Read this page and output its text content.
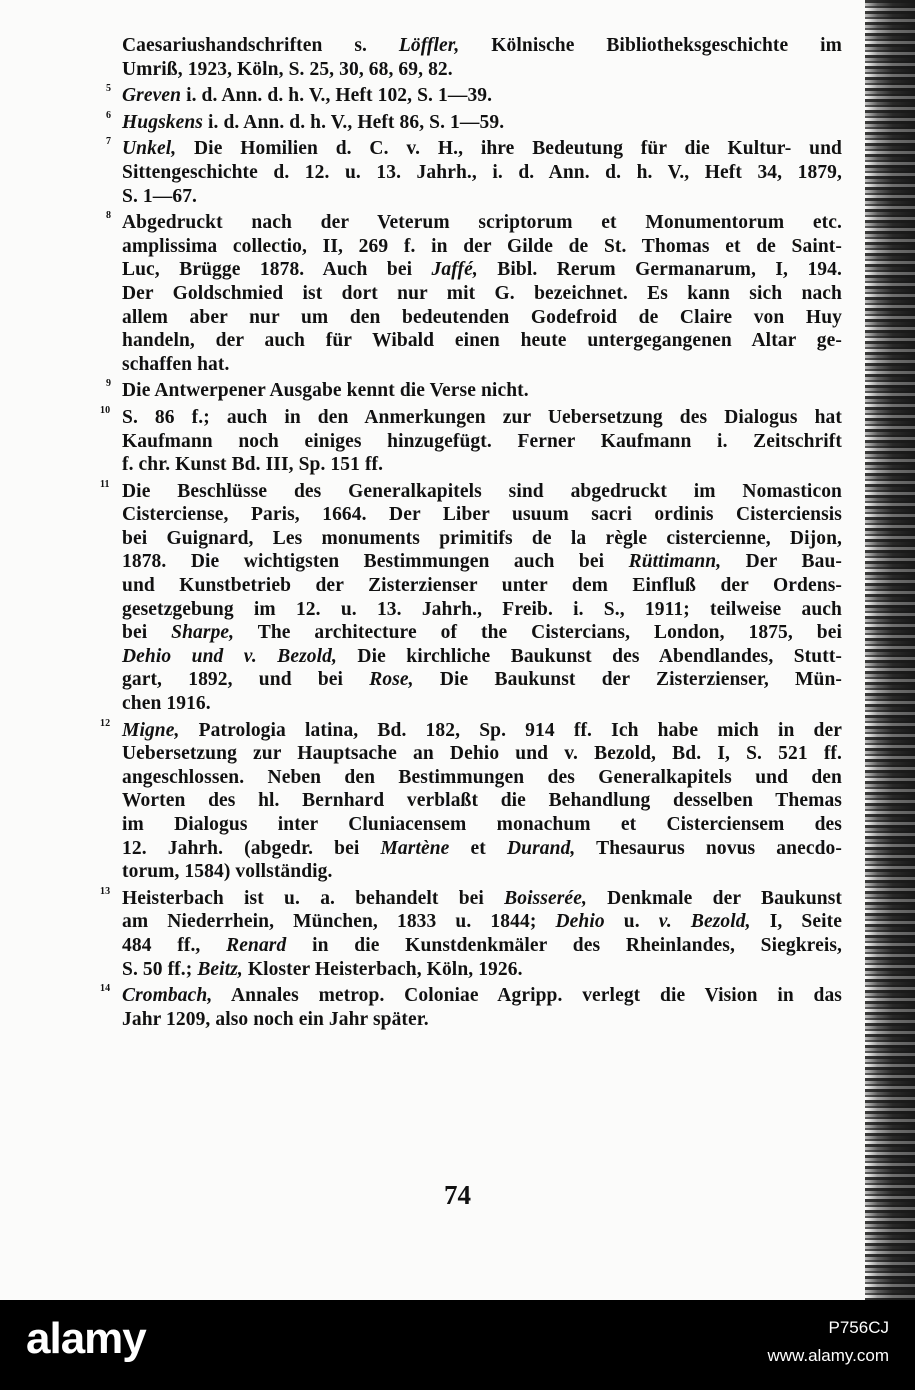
Caesariushandschriften s. Löffler, Kölnische Bibliotheksgeschichte im
Umriß, 1923, Köln, S. 25, 30, 68, 69, 82.
5 Greven i. d. Ann. d. h. V., Heft 102, S. 1—39.
6 Hugskens i. d. Ann. d. h. V., Heft 86, S. 1—59.
7 Unkel, Die Homilien d. C. v. H., ihre Bedeutung für die Kultur- und
Sittengeschichte d. 12. u. 13. Jahrh., i. d. Ann. d. h. V., Heft 34, 1879,
S. 1—67.
8 Abgedruckt nach der Veterum scriptorum et Monumentorum etc.
amplissima collectio, II, 269 f. in der Gilde de St. Thomas et de Saint-
Luc, Brügge 1878. Auch bei Jaffé, Bibl. Rerum Germanarum, I, 194.
Der Goldschmied ist dort nur mit G. bezeichnet. Es kann sich nach
allem aber nur um den bedeutenden Godefroid de Claire von Huy
handeln, der auch für Wibald einen heute untergegangenen Altar ge-
schaffen hat.
9 Die Antwerpener Ausgabe kennt die Verse nicht.
10 S. 86 f.; auch in den Anmerkungen zur Uebersetzung des Dialogus hat
Kaufmann noch einiges hinzugefügt. Ferner Kaufmann i. Zeitschrift
f. chr. Kunst Bd. III, Sp. 151 ff.
11 Die Beschlüsse des Generalkapitels sind abgedruckt im Nomasticon
Cisterciense, Paris, 1664. Der Liber usuum sacri ordinis Cisterciensis
bei Guignard, Les monuments primitifs de la règle cistercienne, Dijon,
1878. Die wichtigsten Bestimmungen auch bei Rüttimann, Der Bau-
und Kunstbetrieb der Zisterzienser unter dem Einfluß der Ordens-
gesetzgebung im 12. u. 13. Jahrh., Freib. i. S., 1911; teilweise auch
bei Sharpe, The architecture of the Cistercians, London, 1875, bei
Dehio und v. Bezold, Die kirchliche Baukunst des Abendlandes, Stutt-
gart, 1892, und bei Rose, Die Baukunst der Zisterzienser, Mün-
chen 1916.
12 Migne, Patrologia latina, Bd. 182, Sp. 914 ff. Ich habe mich in der
Uebersetzung zur Hauptsache an Dehio und v. Bezold, Bd. I, S. 521 ff.
angeschlossen. Neben den Bestimmungen des Generalkapitels und den
Worten des hl. Bernhard verblaßt die Behandlung desselben Themas
im Dialogus inter Cluniacensem monachum et Cisterciensem des
12. Jahrh. (abgedr. bei Martène et Durand, Thesaurus novus anecdo-
torum, 1584) vollständig.
13 Heisterbach ist u. a. behandelt bei Boisserée, Denkmale der Baukunst
am Niederrhein, München, 1833 u. 1844; Dehio u. v. Bezold, I, Seite
484 ff., Renard in die Kunstdenkmäler des Rheinlandes, Siegkreis,
S. 50 ff.; Beitz, Kloster Heisterbach, Köln, 1926.
14 Crombach, Annales metrop. Coloniae Agripp. verlegt die Vision in das
Jahr 1209, also noch ein Jahr später.
74
alamy	P756CJ
www.alamy.com
